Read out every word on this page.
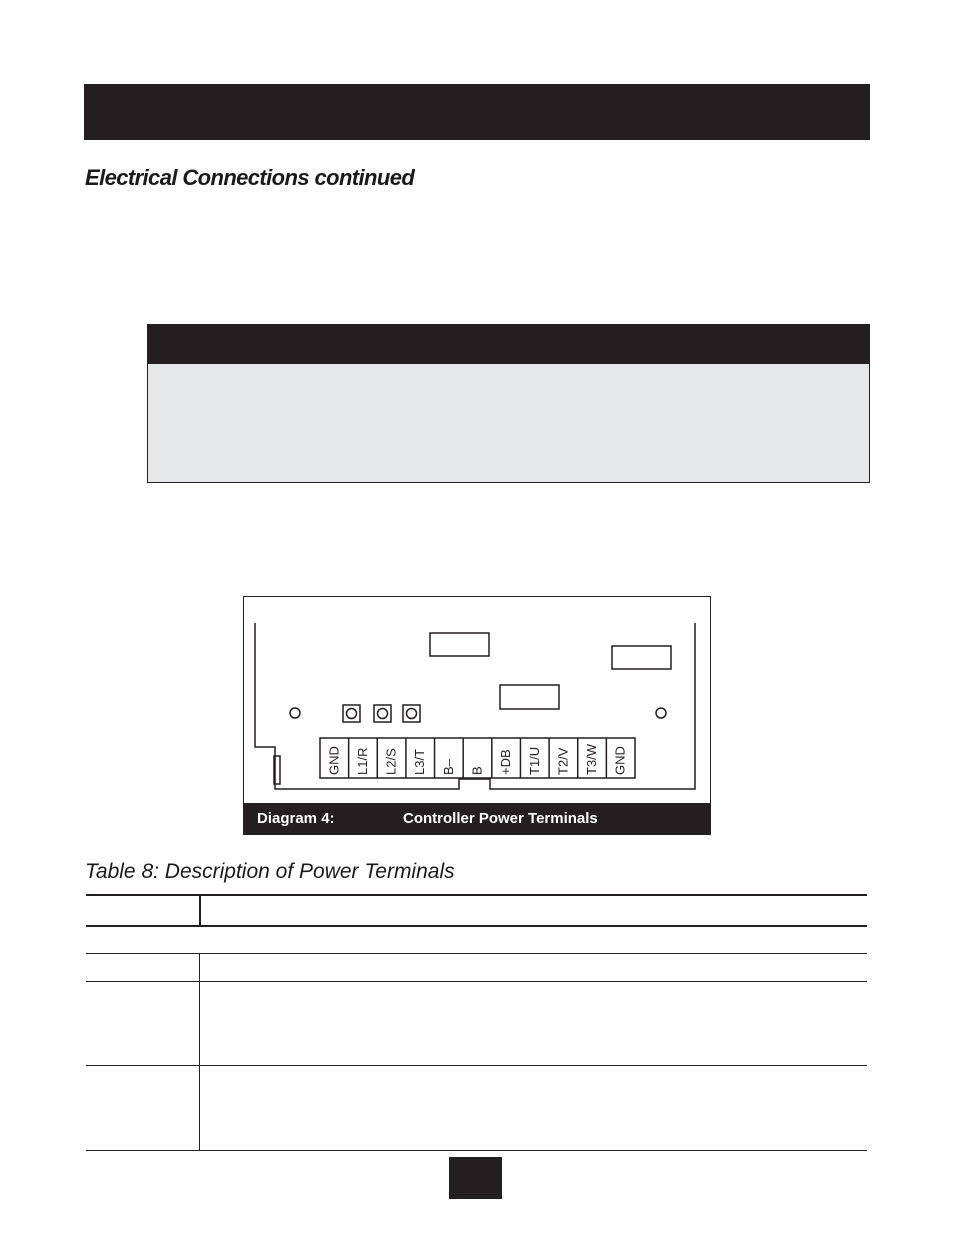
Electrical Connections continued
GND L1/R L2/S L3/T B– B +DB T1/U T2/V T3/W GND
Diagram 4:	Controller Power Terminals
Table 8: Description of Power Terminals
